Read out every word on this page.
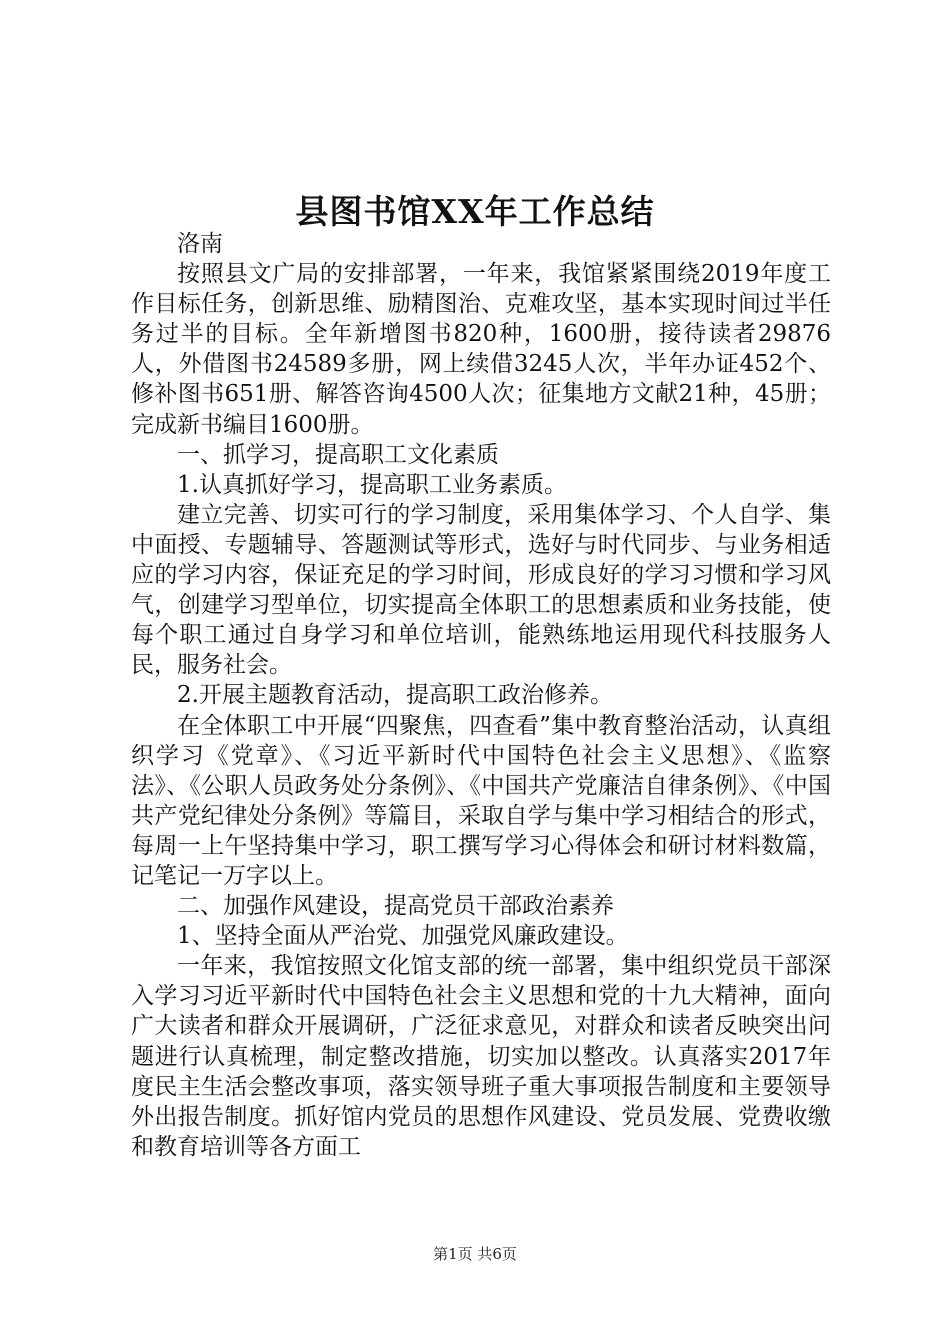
县图书馆XX年工作总结

洛南

按照县文广局的安排部署，一年来，我馆紧紧围绕2019年度工作目标任务，创新思维、励精图治、克难攻坚，基本实现时间过半任务过半的目标。全年新增图书820种，1600册，接待读者29876人，外借图书24589多册，网上续借3245人次，半年办证452个、修补图书651册、解答咨询4500人次；征集地方文献21种，45册；完成新书编目1600册。

一、抓学习，提高职工文化素质

1.认真抓好学习，提高职工业务素质。

建立完善、切实可行的学习制度，采用集体学习、个人自学、集中面授、专题辅导、答题测试等形式，选好与时代同步、与业务相适应的学习内容，保证充足的学习时间，形成良好的学习习惯和学习风气，创建学习型单位，切实提高全体职工的思想素质和业务技能，使每个职工通过自身学习和单位培训，能熟练地运用现代科技服务人民，服务社会。

2.开展主题教育活动，提高职工政治修养。

在全体职工中开展“四聚焦，四查看”集中教育整治活动，认真组织学习《党章》、《习近平新时代中国特色社会主义思想》、《监察法》、《公职人员政务处分条例》、《中国共产党廉洁自律条例》、《中国共产党纪律处分条例》等篇目，采取自学与集中学习相结合的形式，每周一上午坚持集中学习，职工撰写学习心得体会和研讨材料数篇，记笔记一万字以上。

二、加强作风建设，提高党员干部政治素养

1、坚持全面从严治党、加强党风廉政建设。

一年来，我馆按照文化馆支部的统一部署，集中组织党员干部深入学习习近平新时代中国特色社会主义思想和党的十九大精神，面向广大读者和群众开展调研，广泛征求意见，对群众和读者反映突出问题进行认真梳理，制定整改措施，切实加以整改。认真落实2017年度民主生活会整改事项，落实领导班子重大事项报告制度和主要领导外出报告制度。抓好馆内党员的思想作风建设、党员发展、党费收缴和教育培训等各方面工

第1页 共6页
